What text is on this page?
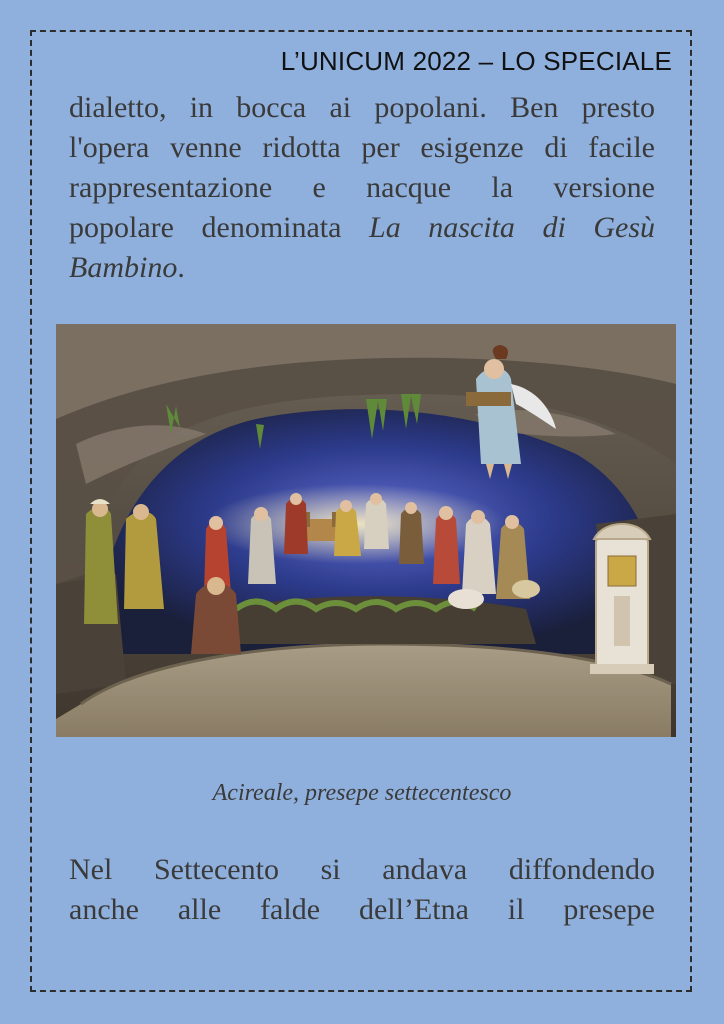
L’UNICUM 2022 – LO SPECIALE
dialetto, in bocca ai popolani. Ben presto
l'opera venne ridotta per esigenze di facile
rappresentazione e nacque la versione
popolare denominata La nascita di Gesù
Bambino.
Acireale, presepe settecentesco
Nel Settecento si andava diffondendo
anche alle falde dell’Etna il presepe
